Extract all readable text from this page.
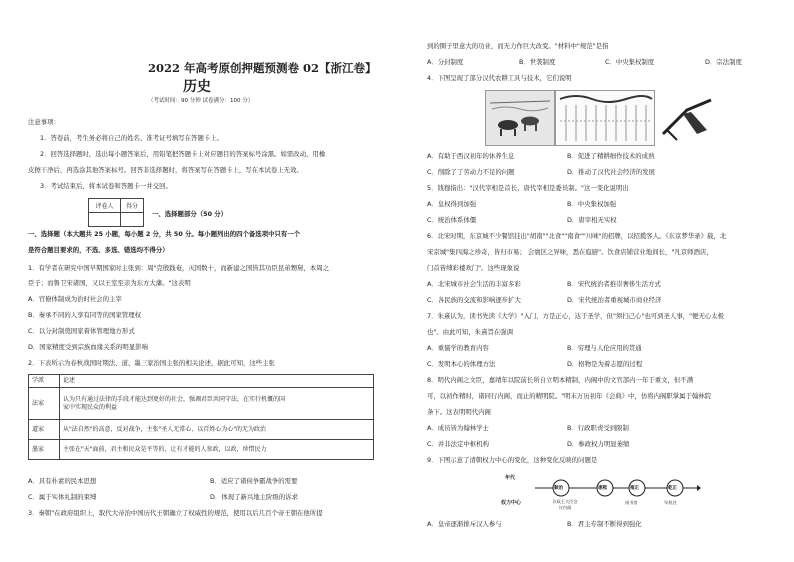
2022 年高考原创押题预测卷 02【浙江卷】
历史
（考试时间：90 分钟 试卷满分：100 分）
注意事项：
1．答卷前，考生务必将自己的姓名、准考证号填写在答题卡上。
2．回答选择题时，选出每小题答案后，用铅笔把答题卡上对应题目的答案标号涂黑。如需改动，用橡
皮擦干净后，再选涂其他答案标号。回答非选择题时，将答案写在答题卡上，写在本试卷上无效。
3．考试结束后，将本试卷和答题卡一并交回。
评卷人	得分

一、选择题部分（50 分）
一、选择题（本大题共 25 小题，每小题 2 分，共 50 分。每小题列出的四个备选项中只有一个
是符合题目要求的，不选、多选、错选均不得分）
1．有学者在研究中国早期国家时主张到：周"克殷践奄，灭国数十，而新建之国皆其功臣昆弟甥舅，本周之
臣子；而鲁卫宋诸国，又以王室至亲为东方大藩。"这表明
A．官僚体制成为治时社会的主宰
B．秦承不同的人享有同等的国家管理权
C．以分封制奠国家着体管理地方形式
D．国家精度受到宗族血缘关系的明显影响
2．下表所示为春秋战国时期法、道、墨三家治国主张的相关论述，据此可知，这些主张
学派	论述
法家	认为只有通过法律的手段才能达到更好的社会，强调君臣共同守法，在实行机慨的国
家中实现民众的利益

道家	从"法自然"的高意，反对战争，主张"圣人无常心，以百姓心为心"的无为政治
墨家	主张在"天"面前，君主和民众是平等的，让有才能的人参政，以政，珍惜民力
A．具有朴素的民本思想	B．适应了诸侯争霸战争的需要
C．属于实体礼制的束缚	D．体现了新兴地主阶级的诉求
3．秦朝"在政府组织上，取代大帝治中国历代王朝确立了权威性的规范，使用以后几百个帝王朝在他所提
到的圈子里意大的功业，而无力作巨大改变。"材料中"规范"是指
A．分封制度	B．世袭制度	C．中央集权制度	D．宗法制度
4．下图呈现了部分汉代农耕工具与技术，它们说明
A．有助于西汉初年的休养生息	B．促进了精耕细作技术的成熟
C．削除了了劳动力不足的问题	D．推动了汉代社会经济的发展
5．钱穆指出："汉代宰相是首长，唐代宰相是委员制。"这一变化说明出
A．皇权得到加强	B．中央集权加强
C．统治体系体僵	D．唐宰相无实权
6．北宋时期，东京城不少餐馆挂出"胡南""北食""南食""川味"的招牌，以招揽客人。《东京梦华录》载，北
宋京城"集四海之珍奇，皆归市易； 会寰区之异味，悉在庖厨"。饮食店铺营业地间长，"凡京师酒店，
门首皆缚彩楼欢门"。这些现象说
A．北宋城市社会生活的丰富多彩	B．宋代统治者推崇奢侈生活方式
C．各民族的交流和影响逐步扩大	D．宋代统治者重视城市商业经济
7．朱熹认为，读书先读《大学》"入门，方是正心，达于圣学，但"须扫己心"也可到圣人事，"便无心太极
也"。由此可知，朱熹旨在强调
A．重儒学的教育内容	B．穷理与人伦应用的贯通
C．发明本心的体理方法	D．格物是为着志愿的过程
8．明代内阁之文臣，嘉靖年以院前长所自立明本精制，内阁中的文官部内一年于重文，但不满
可，以初作精时，诸同行内阁，而止的精明院。"明末万历初年《会典》中，仿将内阁职掌属于翰林院
条下。这表明明代内阁
A．成员皆为翰林学士	B．行政职责受到限制
C．并非法定中枢机构	D．参政权力明显萎缩
9．下图示意了清朝权力中心的变化，这种变化反映的问题是
年代
权力中心
顺治	康熙	雍正	乾正
议政王大臣会议内阁
南书房	军机处
A．皇帝逐渐排斥汉人参与	B．君主专制不断得到强化
